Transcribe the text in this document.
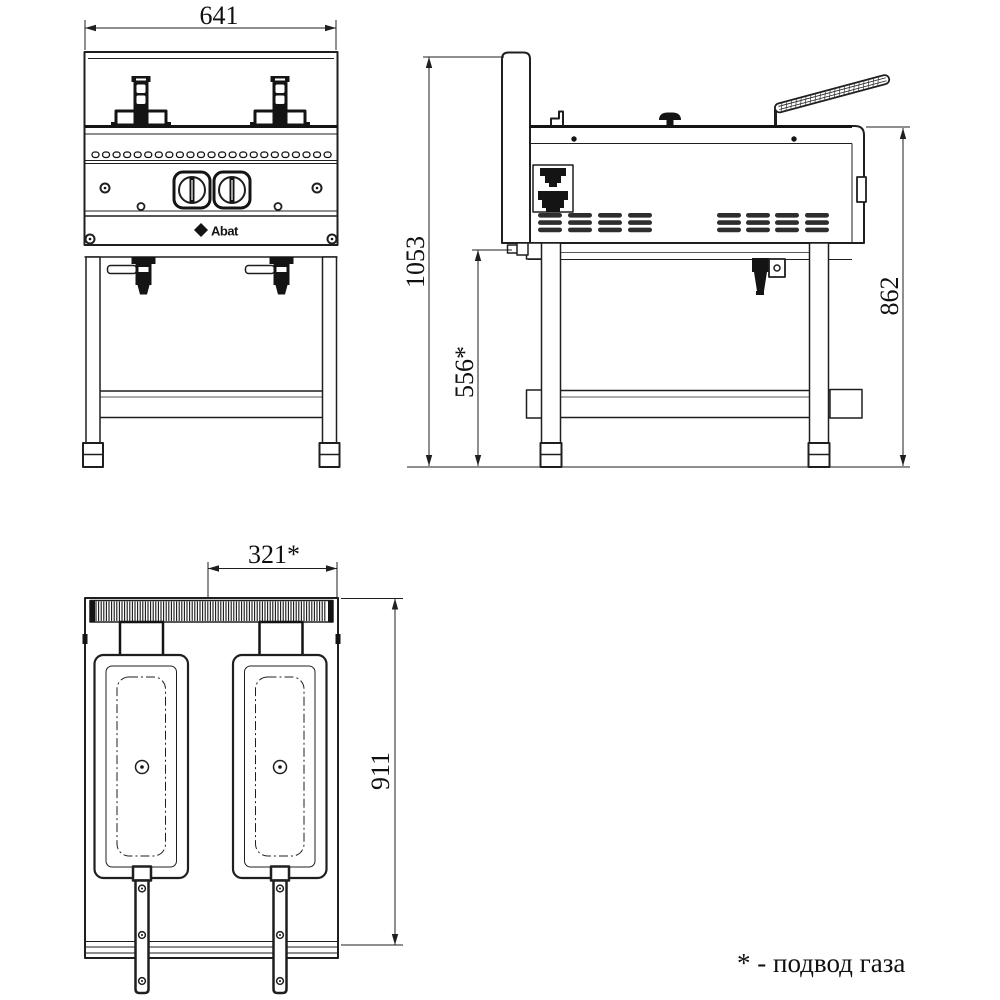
641
Abat
1053
556*
862
321*
911
* - подвод газа
